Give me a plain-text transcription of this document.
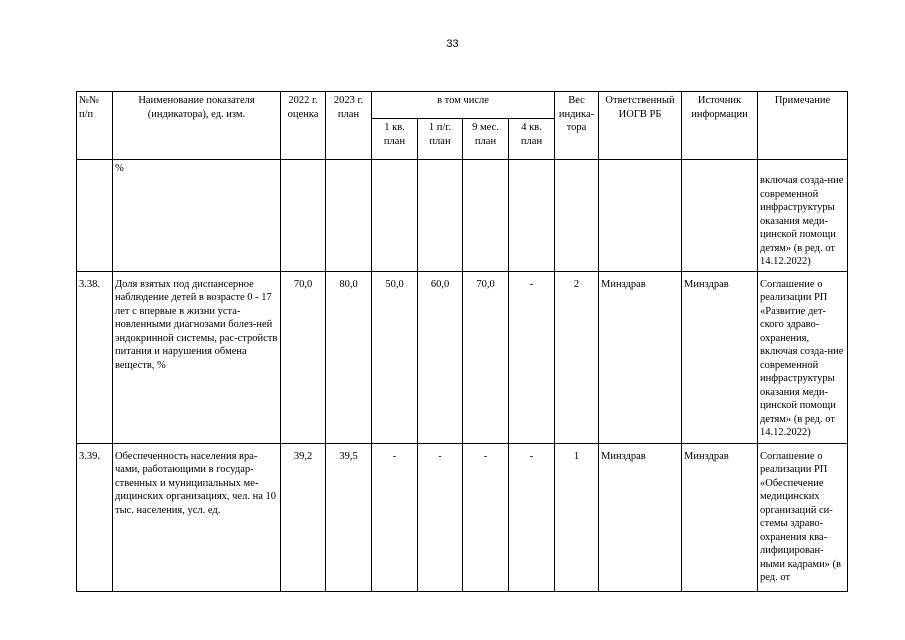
33
№№
п/п	Наименование показателя (индикатора), ед. изм.	2022 г. оценка	2023 г. план	в том числе				Вес индика-тора	Ответственный ИОГВ РБ	Источник информации	Примечание
				1 кв. план	1 п/г. план	9 мес. план	4 кв. план				
	%										включая созда-ние современной инфраструктуры оказания меди-цинской помощи детям» (в ред. от 14.12.2022)
3.38.	Доля взятых под диспансерное наблюдение детей в возрасте 0 - 17 лет с впервые в жизни уста-новленными диагнозами болез-ней эндокринной системы, рас-стройств питания и нарушения обмена веществ, %	70,0	80,0	50,0	60,0	70,0	-	2	Минздрав	Минздрав	Соглашение о реализации РП «Развитие дет-ского здраво-охранения, включая созда-ние современной инфраструктуры оказания меди-цинской помощи детям» (в ред. от 14.12.2022)
3.39.	Обеспеченность населения вра-чами, работающими в государ-ственных и муниципальных ме-дицинских организациях, чел. на 10 тыс. населения, усл. ед.	39,2	39,5	-	-	-	-	1	Минздрав	Минздрав	Соглашение о реализации РП «Обеспечение медицинских организаций си-стемы здраво-охранения ква-лифицирован-ными кадрами» (в ред. от
